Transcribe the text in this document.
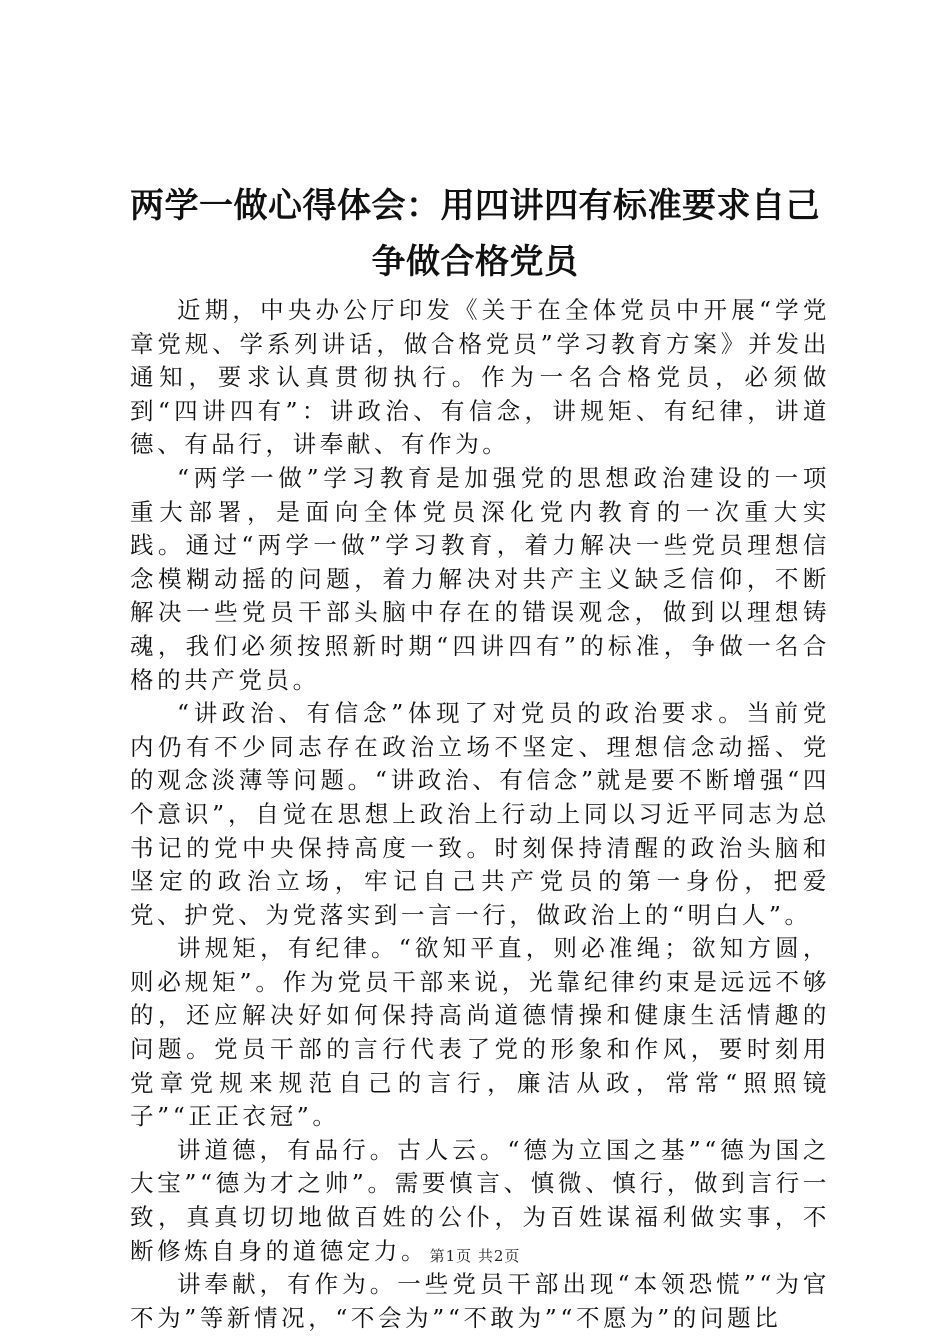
两学一做心得体会：用四讲四有标准要求自己
争做合格党员

近期，中央办公厅印发《关于在全体党员中开展“学党章党规、学系列讲话，做合格党员”学习教育方案》并发出通知，要求认真贯彻执行。作为一名合格党员，必须做到“四讲四有”：讲政治、有信念，讲规矩、有纪律，讲道德、有品行，讲奉献、有作为。

“两学一做”学习教育是加强党的思想政治建设的一项重大部署，是面向全体党员深化党内教育的一次重大实践。通过“两学一做”学习教育，着力解决一些党员理想信念模糊动摇的问题，着力解决对共产主义缺乏信仰，不断解决一些党员干部头脑中存在的错误观念，做到以理想铸魂，我们必须按照新时期“四讲四有”的标准，争做一名合格的共产党员。

“讲政治、有信念”体现了对党员的政治要求。当前党内仍有不少同志存在政治立场不坚定、理想信念动摇、党的观念淡薄等问题。“讲政治、有信念”就是要不断增强“四个意识”，自觉在思想上政治上行动上同以习近平同志为总书记的党中央保持高度一致。时刻保持清醒的政治头脑和坚定的政治立场，牢记自己共产党员的第一身份，把爱党、护党、为党落实到一言一行，做政治上的“明白人”。

讲规矩，有纪律。“欲知平直，则必准绳；欲知方圆，则必规矩”。作为党员干部来说，光靠纪律约束是远远不够的，还应解决好如何保持高尚道德情操和健康生活情趣的问题。党员干部的言行代表了党的形象和作风，要时刻用党章党规来规范自己的言行，廉洁从政，常常“照照镜子”“正正衣冠”。

讲道德，有品行。古人云。“德为立国之基”“德为国之大宝”“德为才之帅”。需要慎言、慎微、慎行，做到言行一致，真真切切地做百姓的公仆，为百姓谋福利做实事，不断修炼自身的道德定力。

讲奉献，有作为。一些党员干部出现“本领恐慌”“为官不为”等新情况，“不会为”“不敢为”“不愿为”的问题比

第1页 共2页
